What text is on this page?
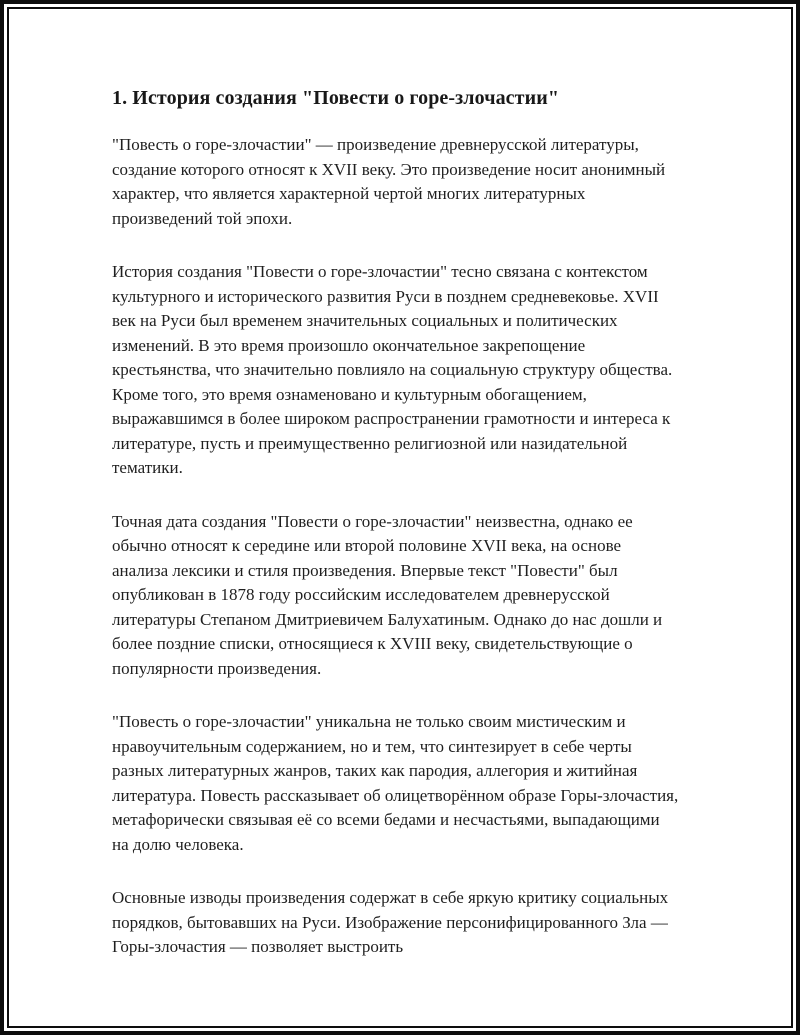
1. История создания "Повести о горе-злочастии"

"Повесть о горе-злочастии" — произведение древнерусской литературы, создание которого относят к XVII веку. Это произведение носит анонимный характер, что является характерной чертой многих литературных произведений той эпохи.

История создания "Повести о горе-злочастии" тесно связана с контекстом культурного и исторического развития Руси в позднем средневековье. XVII век на Руси был временем значительных социальных и политических изменений. В это время произошло окончательное закрепощение крестьянства, что значительно повлияло на социальную структуру общества. Кроме того, это время ознаменовано и культурным обогащением, выражавшимся в более широком распространении грамотности и интереса к литературе, пусть и преимущественно религиозной или назидательной тематики.

Точная дата создания "Повести о горе-злочастии" неизвестна, однако ее обычно относят к середине или второй половине XVII века, на основе анализа лексики и стиля произведения. Впервые текст "Повести" был опубликован в 1878 году российским исследователем древнерусской литературы Степаном Дмитриевичем Балухатиным. Однако до нас дошли и более поздние списки, относящиеся к XVIII веку, свидетельствующие о популярности произведения.

"Повесть о горе-злочастии" уникальна не только своим мистическим и нравоучительным содержанием, но и тем, что синтезирует в себе черты разных литературных жанров, таких как пародия, аллегория и житийная литература. Повесть рассказывает об олицетворённом образе Горы-злочастия, метафорически связывая её со всеми бедами и несчастьями, выпадающими на долю человека.

Основные изводы произведения содержат в себе яркую критику социальных порядков, бытовавших на Руси. Изображение персонифицированного Зла — Горы-злочастия — позволяет выстроить
